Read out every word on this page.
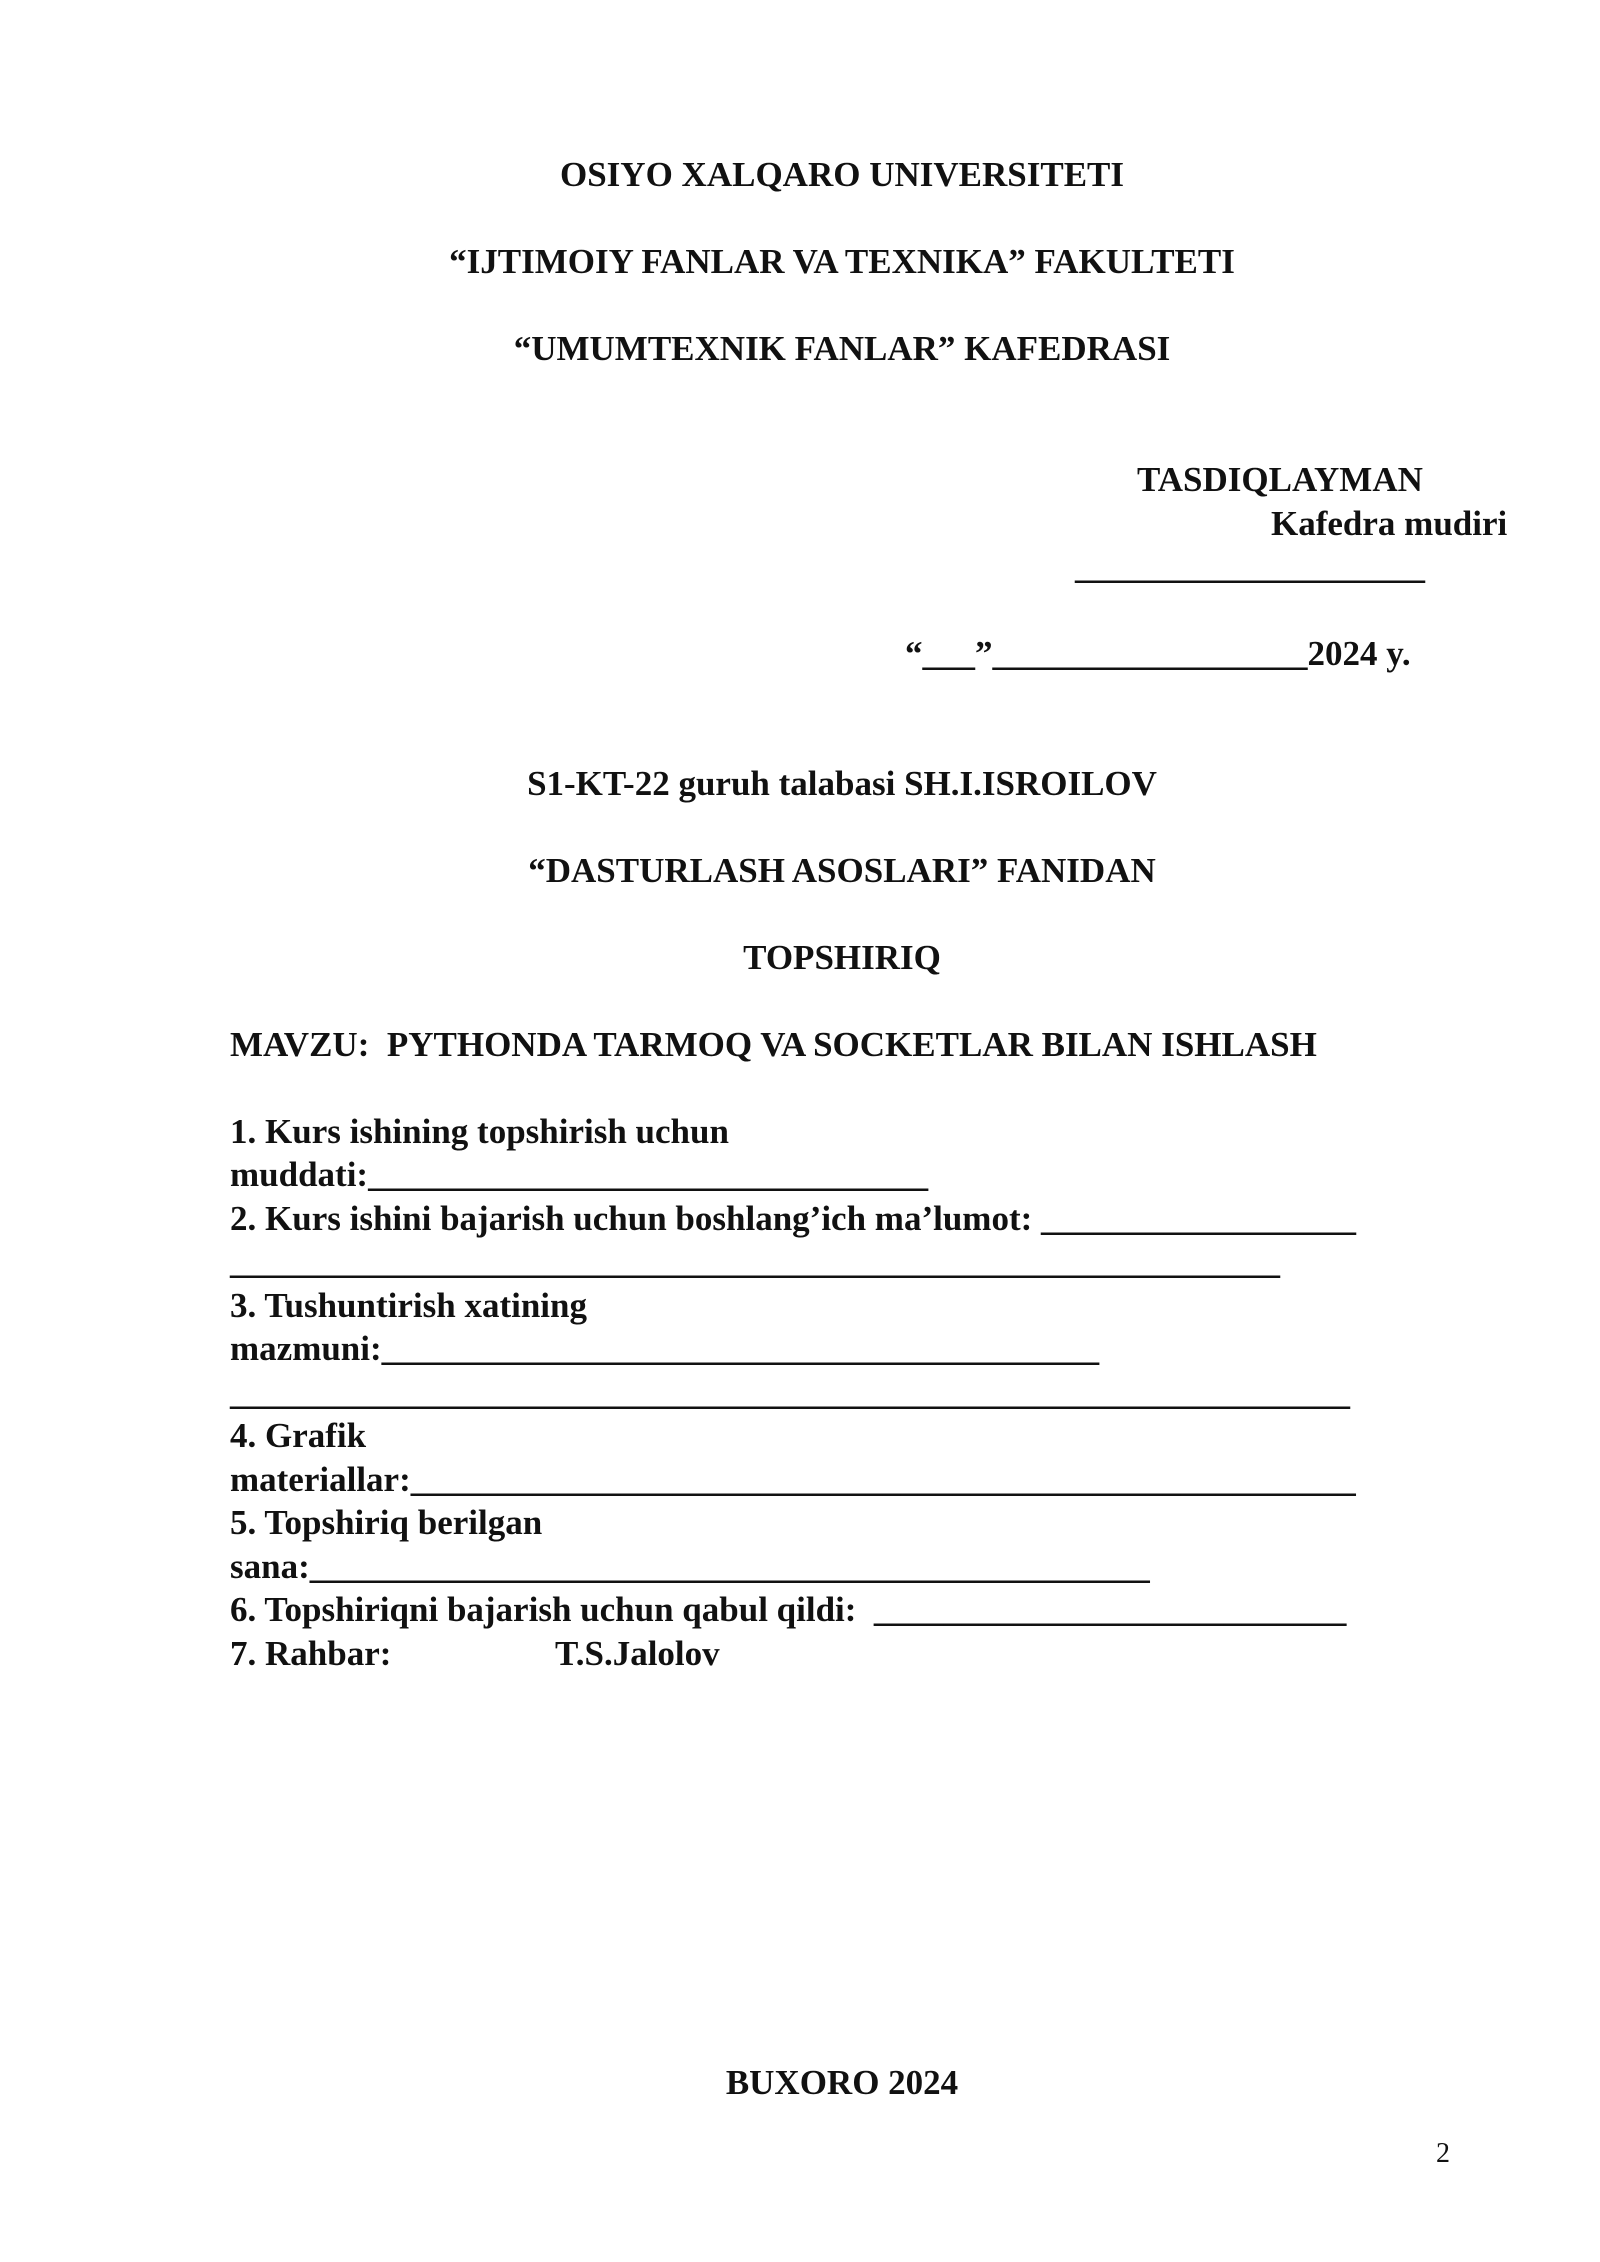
OSIYO XALQARO UNIVERSITETI
“IJTIMOIY FANLAR VA TEXNIKA” FAKULTETI
“UMUMTEXNIK FANLAR” KAFEDRASI
TASDIQLAYMAN
Kafedra mudiri
____________________
“___”__________________2024 y.
S1-KT-22 guruh talabasi SH.I.ISROILOV
“DASTURLASH ASOSLARI” FANIDAN
TOPSHIRIQ
MAVZU:  PYTHONDA TARMOQ VA SOCKETLAR BILAN ISHLASH
1. Kurs ishining topshirish uchun
muddati:________________________________
2. Kurs ishini bajarish uchun boshlang’ich ma’lumot: __________________
____________________________________________________________
3. Tushuntirish xatining
mazmuni:_________________________________________
________________________________________________________________
4. Grafik
materiallar:______________________________________________________
5. Topshiriq berilgan
sana:________________________________________________
6. Topshiriqni bajarish uchun qabul qildi:  ___________________________
7. Rahbar:	T.S.Jalolov
BUXORO 2024
2
